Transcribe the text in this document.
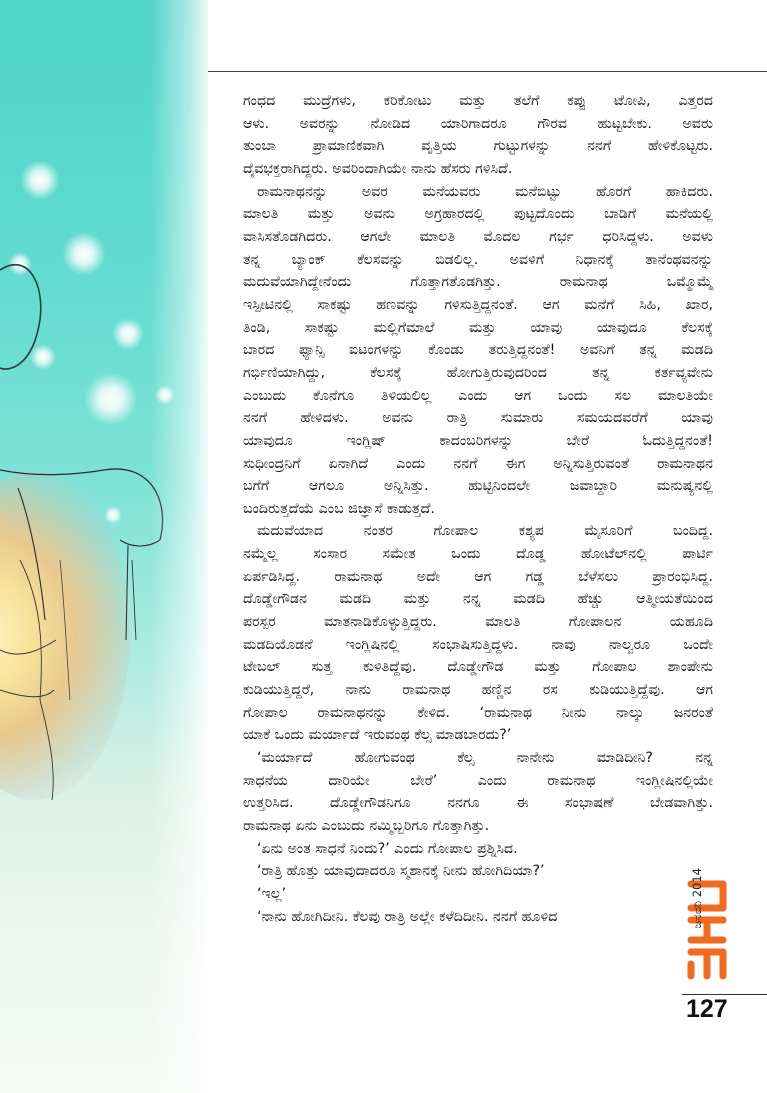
ಗಂಧದ ಮುದ್ರೆಗಳು, ಕರಿಕೋಟು ಮತ್ತು ತಲೆಗೆ ಕಪ್ಪು ಟೋಪಿ, ಎತ್ತರದ
ಆಳು. ಅವರನ್ನು ನೋಡಿದ ಯಾರಿಗಾದರೂ ಗೌರವ ಹುಟ್ಟಬೇಕು. ಅವರು
ತುಂಬಾ ಪ್ರಾಮಾಣಿಕವಾಗಿ ವೃತ್ತಿಯ ಗುಟ್ಟುಗಳನ್ನು ನನಗೆ ಹೇಳಿಕೊಟ್ಟರು.
ದೈವಭಕ್ತರಾಗಿದ್ದರು. ಅವರಿಂದಾಗಿಯೇ ನಾನು ಹೆಸರು ಗಳಿಸಿದೆ.
ರಾಮನಾಥನನ್ನು ಅವರ ಮನೆಯವರು ಮನೆಬಿಟ್ಟು ಹೊರಗೆ ಹಾಕಿದರು.
ಮಾಲತಿ ಮತ್ತು ಅವನು ಅಗ್ರಹಾರದಲ್ಲಿ ಪುಟ್ಟದೊಂದು ಬಾಡಿಗೆ ಮನೆಯಲ್ಲಿ
ವಾಸಿಸತೊಡಗಿದರು. ಆಗಲೇ ಮಾಲತಿ ಮೊದಲ ಗರ್ಭ ಧರಿಸಿದ್ದಳು. ಅವಳು
ತನ್ನ ಬ್ಯಾಂಕ್ ಕೆಲಸವನ್ನು ಬಿಡಲಿಲ್ಲ. ಅವಳಿಗೆ ನಿಧಾನಕ್ಕೆ ತಾನೆಂಥವನನ್ನು
ಮದುವೆಯಾಗಿದ್ದೇನೆಂದು ಗೊತ್ತಾಗತೊಡಗಿತ್ತು. ರಾಮನಾಥ ಒಮ್ಮೊಮ್ಮೆ
ಇಸ್ಪೀಟಿನಲ್ಲಿ ಸಾಕಷ್ಟು ಹಣವನ್ನು ಗಳಿಸುತ್ತಿದ್ದನಂತೆ. ಆಗ ಮನೆಗೆ ಸಿಹಿ, ಖಾರ,
ತಿಂಡಿ, ಸಾಕಷ್ಟು ಮಲ್ಲಿಗೆಮಾಲೆ ಮತ್ತು ಯಾವು ಯಾವುದೂ ಕೆಲಸಕ್ಕೆ
ಬಾರದ ಫ್ಯಾನ್ಸಿ ಐಟಂಗಳನ್ನು ಕೊಂಡು ತರುತ್ತಿದ್ದನಂತೆ! ಅವನಿಗೆ ತನ್ನ ಮಡದಿ
ಗರ್ಭಿಣಿಯಾಗಿದ್ದು, ಕೆಲಸಕ್ಕೆ ಹೋಗುತ್ತಿರುವುದರಿಂದ ತನ್ನ ಕರ್ತವ್ಯವೇನು
ಎಂಬುದು ಕೊನೆಗೂ ತಿಳಿಯಲಿಲ್ಲ ಎಂದು ಆಗ ಒಂದು ಸಲ ಮಾಲತಿಯೇ
ನನಗೆ ಹೇಳಿದಳು. ಅವನು ರಾತ್ರಿ ಸುಮಾರು ಸಮಯದವರೆಗೆ ಯಾವು
ಯಾವುದೂ ಇಂಗ್ಲಿಷ್ ಕಾದಂಬರಿಗಳನ್ನು ಬೇರೆ ಓದುತ್ತಿದ್ದನಂತೆ!
ಸುಧೀಂದ್ರನಿಗೆ ಏನಾಗಿದೆ ಎಂದು ನನಗೆ ಈಗ ಅನ್ನಿಸುತ್ತಿರುವಂತೆ ರಾಮನಾಥನ
ಬಗೆಗೆ ಆಗಲೂ ಅನ್ನಿಸಿತ್ತು. ಹುಟ್ಟಿನಿಂದಲೇ ಜವಾಬ್ದಾರಿ ಮನುಷ್ಯನಲ್ಲಿ
ಬಂದಿರುತ್ತದೆಯೆ ಎಂಬ ಜಿಜ್ಞಾಸೆ ಕಾಡುತ್ತದೆ.
ಮದುವೆಯಾದ ನಂತರ ಗೋಪಾಲ ಕಶ್ಯಪ ಮೈಸೂರಿಗೆ ಬಂದಿದ್ದ.
ನಮ್ಮೆಲ್ಲ ಸಂಸಾರ ಸಮೇತ ಒಂದು ದೊಡ್ಡ ಹೋಟೆಲ್‌ನಲ್ಲಿ ಪಾರ್ಟಿ
ಏರ್ಪಡಿಸಿದ್ದ. ರಾಮನಾಥ ಅದೇ ಆಗ ಗಡ್ಡ ಬೆಳೆಸಲು ಪ್ರಾರಂಭಿಸಿದ್ದ.
ದೊಡ್ಡೇಗೌಡನ ಮಡದಿ ಮತ್ತು ನನ್ನ ಮಡದಿ ಹೆಚ್ಚು ಆತ್ಮೀಯತೆಯಿಂದ
ಪರಸ್ಪರ ಮಾತನಾಡಿಕೊಳ್ಳುತ್ತಿದ್ದರು. ಮಾಲತಿ ಗೋಪಾಲನ ಯಹೂದಿ
ಮಡದಿಯೊಡನೆ ಇಂಗ್ಲಿಷಿನಲ್ಲಿ ಸಂಭಾಷಿಸುತ್ತಿದ್ದಳು. ನಾವು ನಾಲ್ವರೂ ಒಂದೇ
ಟೇಬಲ್ ಸುತ್ತ ಕುಳಿತಿದ್ದೆವು. ದೊಡ್ಡೇಗೌಡ ಮತ್ತು ಗೋಪಾಲ ಶಾಂಪೇನು
ಕುಡಿಯುತ್ತಿದ್ದರೆ, ನಾನು ರಾಮನಾಥ ಹಣ್ಣಿನ ರಸ ಕುಡಿಯುತ್ತಿದ್ದೆವು. ಆಗ
ಗೋಪಾಲ ರಾಮನಾಥನನ್ನು ಕೇಳಿದ. ‘ರಾಮನಾಥ ನೀನು ನಾಲ್ಕು ಜನರಂತೆ
ಯಾಕೆ ಒಂದು ಮರ್ಯಾದೆ ಇರುವಂಥ ಕೆಲ್ಸ ಮಾಡಬಾರದು?’
‘ಮರ್ಯಾದೆ ಹೋಗುವಂಥ ಕೆಲ್ಸ ನಾನೇನು ಮಾಡಿದೀನಿ? ನನ್ನ
ಸಾಧನೆಯ ದಾರಿಯೇ ಬೇರೆ’ ಎಂದು ರಾಮನಾಥ ಇಂಗ್ಲೀಷಿನಲ್ಲಿಯೇ
ಉತ್ತರಿಸಿದ. ದೊಡ್ಡೇಗೌಡನಿಗೂ ನನಗೂ ಈ ಸಂಭಾಷಣೆ ಬೇಡವಾಗಿತ್ತು.
ರಾಮನಾಥ ಏನು ಎಂಬುದು ನಮ್ಮಿಬ್ಬರಿಗೂ ಗೊತ್ತಾಗಿತ್ತು.
‘ಏನು ಅಂತ ಸಾಧನೆ ನಿಂದು?’ ಎಂದು ಗೋಪಾಲ ಪ್ರಶ್ನಿಸಿದ.
‘ರಾತ್ರಿ ಹೊತ್ತು ಯಾವುದಾದರೂ ಸ್ಮಶಾನಕ್ಕೆ ನೀನು ಹೋಗಿದಿಯಾ?’
‘ಇಲ್ಲ’
‘ನಾನು ಹೋಗಿದೀನಿ. ಕೆಲವು ರಾತ್ರಿ ಅಲ್ಲೇ ಕಳೆದಿದೀನಿ. ನನಗೆ ಹೂಳಿದ	ಜನವರಿ 2014
127
